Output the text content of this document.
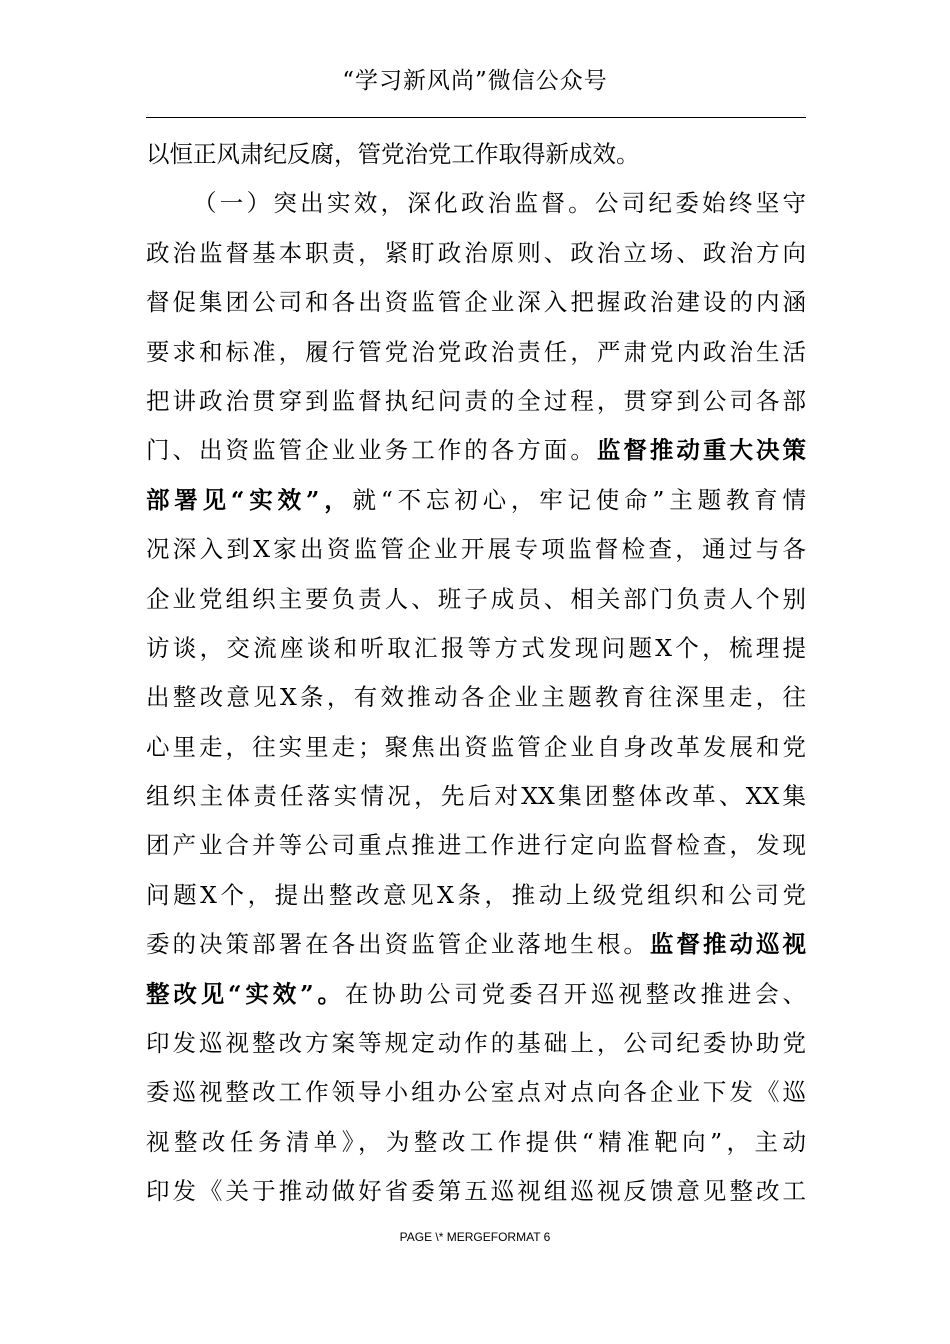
“学习新风尚”微信公众号
以恒正风肃纪反腐，管党治党工作取得新成效。
（一）突出实效，深化政治监督。公司纪委始终坚守
政治监督基本职责，紧盯政治原则、政治立场、政治方向
督促集团公司和各出资监管企业深入把握政治建设的内涵
要求和标准，履行管党治党政治责任，严肃党内政治生活
把讲政治贯穿到监督执纪问责的全过程，贯穿到公司各部
门、出资监管企业业务工作的各方面。监督推动重大决策
部署见“实效”，就“不忘初心，牢记使命”主题教育情
况深入到X家出资监管企业开展专项监督检查，通过与各
企业党组织主要负责人、班子成员、相关部门负责人个别
访谈，交流座谈和听取汇报等方式发现问题X个，梳理提
出整改意见X条，有效推动各企业主题教育往深里走，往
心里走，往实里走；聚焦出资监管企业自身改革发展和党
组织主体责任落实情况，先后对XX集团整体改革、XX集
团产业合并等公司重点推进工作进行定向监督检查，发现
问题X个，提出整改意见X条，推动上级党组织和公司党
委的决策部署在各出资监管企业落地生根。监督推动巡视
整改见“实效”。在协助公司党委召开巡视整改推进会、
印发巡视整改方案等规定动作的基础上，公司纪委协助党
委巡视整改工作领导小组办公室点对点向各企业下发《巡
视整改任务清单》，为整改工作提供“精准靶向”，主动
印发《关于推动做好省委第五巡视组巡视反馈意见整改工
PAGE \* MERGEFORMAT 6
